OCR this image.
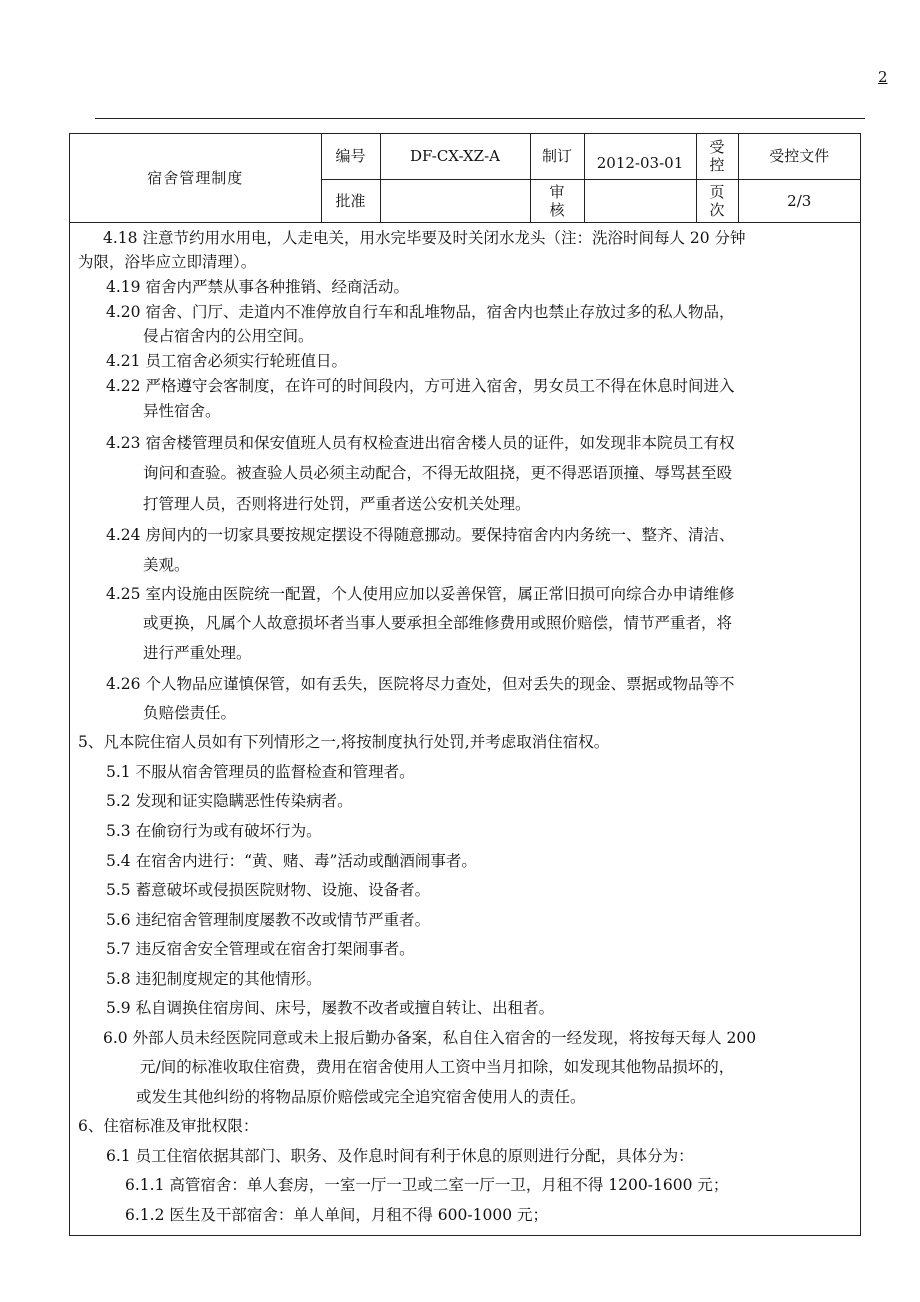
2
宿舍管理制度	编号	DF-CX-XZ-A	制订	2012-03-01	受控	受控文件
	批准		审核		页次	2/3
4.18 注意节约用水用电，人走电关，用水完毕要及时关闭水龙头（注：洗浴时间每人 20 分钟
为限，浴毕应立即清理）。
4.19 宿舍内严禁从事各种推销、经商活动。
4.20 宿舍、门厅、走道内不准停放自行车和乱堆物品，宿舍内也禁止存放过多的私人物品，
侵占宿舍内的公用空间。
4.21 员工宿舍必须实行轮班值日。
4.22 严格遵守会客制度，在许可的时间段内，方可进入宿舍，男女员工不得在休息时间进入
异性宿舍。
4.23 宿舍楼管理员和保安值班人员有权检查进出宿舍楼人员的证件，如发现非本院员工有权
询问和查验。被查验人员必须主动配合，不得无故阻挠，更不得恶语顶撞、辱骂甚至殴
打管理人员，否则将进行处罚，严重者送公安机关处理。
4.24 房间内的一切家具要按规定摆设不得随意挪动。要保持宿舍内内务统一、整齐、清洁、
美观。
4.25 室内设施由医院统一配置，个人使用应加以妥善保管，属正常旧损可向综合办申请维修
或更换，凡属个人故意损坏者当事人要承担全部维修费用或照价赔偿，情节严重者，将
进行严重处理。
4.26 个人物品应谨慎保管，如有丢失，医院将尽力查处，但对丢失的现金、票据或物品等不
负赔偿责任。
5、凡本院住宿人员如有下列情形之一,将按制度执行处罚,并考虑取消住宿权。
5.1 不服从宿舍管理员的监督检查和管理者。
5.2 发现和证实隐瞒恶性传染病者。
5.3 在偷窃行为或有破坏行为。
5.4 在宿舍内进行：“黄、赌、毒”活动或酗酒闹事者。
5.5 蓄意破坏或侵损医院财物、设施、设备者。
5.6 违纪宿舍管理制度屡教不改或情节严重者。
5.7 违反宿舍安全管理或在宿舍打架闹事者。
5.8 违犯制度规定的其他情形。
5.9 私自调换住宿房间、床号，屡教不改者或擅自转让、出租者。
6.0 外部人员未经医院同意或未上报后勤办备案，私自住入宿舍的一经发现，将按每天每人 200
元/间的标准收取住宿费，费用在宿舍使用人工资中当月扣除，如发现其他物品损坏的，
或发生其他纠纷的将物品原价赔偿或完全追究宿舍使用人的责任。
6、住宿标准及审批权限：
6.1 员工住宿依据其部门、职务、及作息时间有利于休息的原则进行分配，具体分为：
6.1.1 高管宿舍：单人套房，一室一厅一卫或二室一厅一卫，月租不得 1200-1600 元；
6.1.2 医生及干部宿舍：单人单间，月租不得 600-1000 元；
